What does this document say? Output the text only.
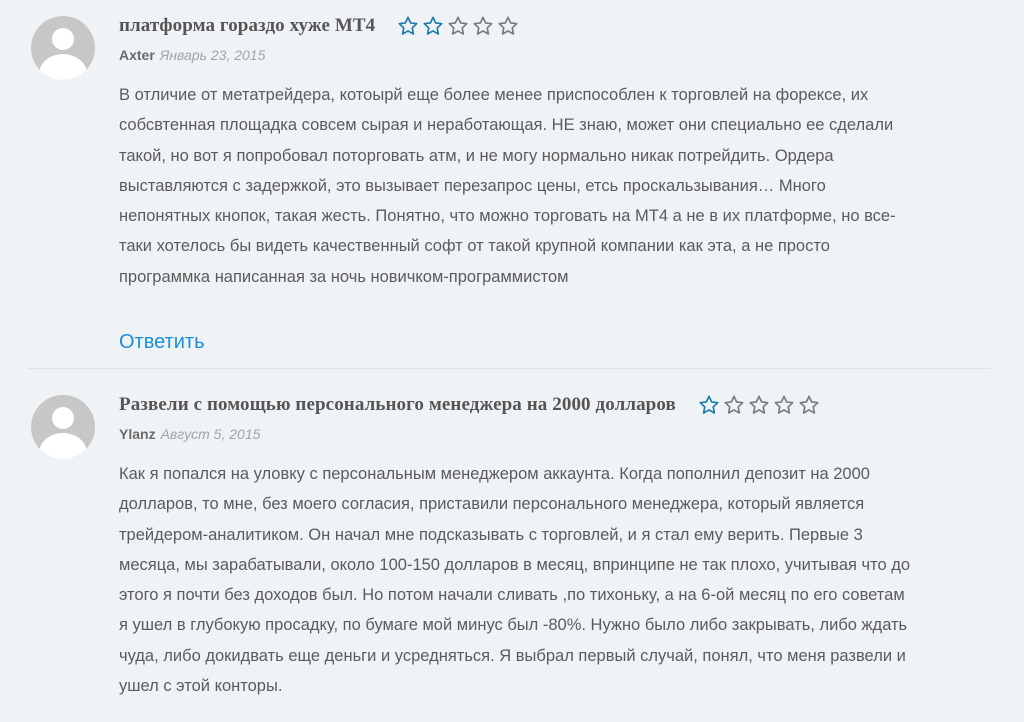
платформа гораздо хуже МТ4
Axter Январь 23, 2015
В отличие от метатрейдера, котоырй еще более менее приспособлен к торговлей на форексе, их
собсвтенная площадка совсем сырая и неработающая. НЕ знаю, может они специально ее сделали
такой, но вот я попробовал поторговать атм, и не могу нормально никак потрейдить. Ордера
выставляются с задержкой, это вызывает перезапрос цены, етсь проскальзывания… Много
непонятных кнопок, такая жесть. Понятно, что можно торговать на МТ4 а не в их платформе, но все-
таки хотелось бы видеть качественный софт от такой крупной компании как эта, а не просто
программка написанная за ночь новичком-программистом
Ответить
Развели с помощью персонального менеджера на 2000 долларов
Ylanz Август 5, 2015
Как я попался на уловку с персональным менеджером аккаунта. Когда пополнил депозит на 2000
долларов, то мне, без моего согласия, приставили персонального менеджера, который является
трейдером-аналитиком. Он начал мне подсказывать с торговлей, и я стал ему верить. Первые 3
месяца, мы зарабатывали, около 100-150 долларов в месяц, впринципе не так плохо, учитывая что до
этого я почти без доходов был. Но потом начали сливать ,по тихоньку, а на 6-ой месяц по его советам
я ушел в глубокую просадку, по бумаге мой минус был -80%. Нужно было либо закрывать, либо ждать
чуда, либо докидвать еще деньги и усредняться. Я выбрал первый случай, понял, что меня развели и
ушел с этой конторы.
